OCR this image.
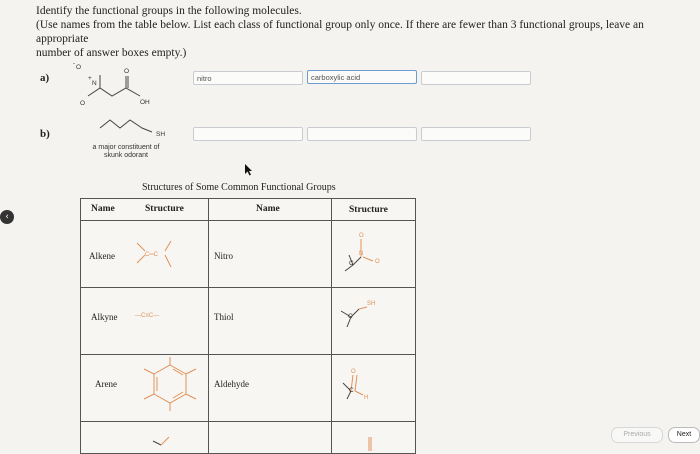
Identify the functional groups in the following molecules.
(Use names from the table below. List each class of functional group only once. If there are fewer than 3 functional groups, leave an appropriate
number of answer boxes empty.)
a)
O
-
N
+
O
O
OH
nitro	carboxylic acid
b)	SH
a major constituent of
skunk odorant
Structures of Some Common Functional Groups
Name	Structure	Name	Structure
Alkene	C═C	Nitro
O
N
O
C
Alkyne	—C≡C—	Thiol
SH
C
Arene	Aldehyde
O
C
H
‹
Previous	Next
